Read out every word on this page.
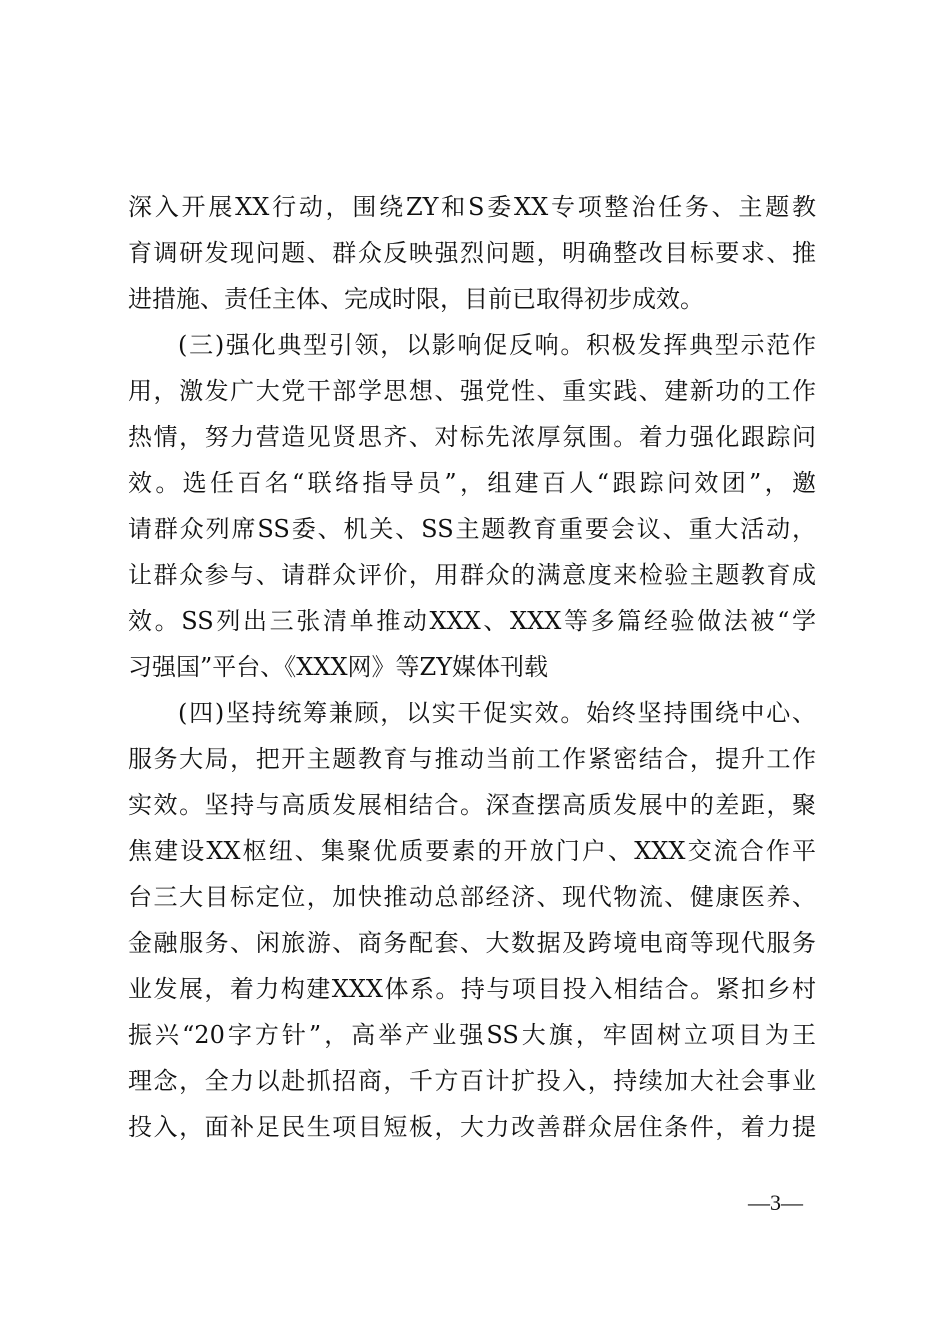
深入开展XX行动，围绕ZY和S委XX专项整治任务、主题教
育调研发现问题、群众反映强烈问题，明确整改目标要求、推
进措施、责任主体、完成时限，目前已取得初步成效。
(三)强化典型引领，以影响促反响。积极发挥典型示范作
用，激发广大党干部学思想、强党性、重实践、建新功的工作
热情，努力营造见贤思齐、对标先浓厚氛围。着力强化跟踪问
效。选任百名“联络指导员”，组建百人“跟踪问效团”，邀
请群众列席SS委、机关、SS主题教育重要会议、重大活动，
让群众参与、请群众评价，用群众的满意度来检验主题教育成
效。SS列出三张清单推动XXX、XXX等多篇经验做法被“学
习强国”平台、《XXX网》等ZY媒体刊载
(四)坚持统筹兼顾，以实干促实效。始终坚持围绕中心、
服务大局，把开主题教育与推动当前工作紧密结合，提升工作
实效。坚持与高质发展相结合。深查摆高质发展中的差距，聚
焦建设XX枢纽、集聚优质要素的开放门户、XXX交流合作平
台三大目标定位，加快推动总部经济、现代物流、健康医养、
金融服务、闲旅游、商务配套、大数据及跨境电商等现代服务
业发展，着力构建XXX体系。持与项目投入相结合。紧扣乡村
振兴“20字方针”，高举产业强SS大旗，牢固树立项目为王
理念，全力以赴抓招商，千方百计扩投入，持续加大社会事业
投入，面补足民生项目短板，大力改善群众居住条件，着力提
—3—
